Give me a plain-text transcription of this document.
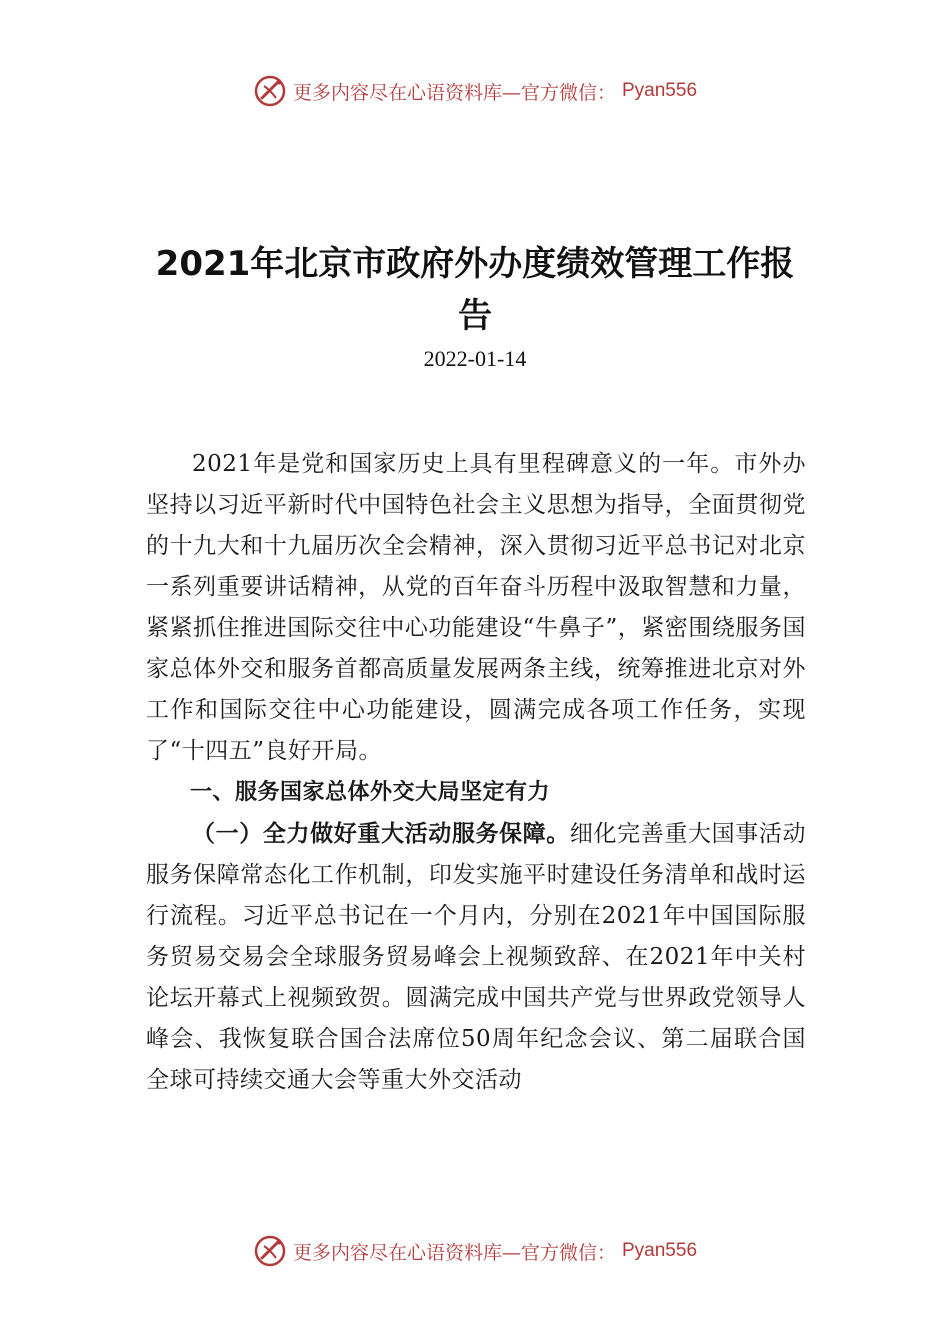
更多内容尽在心语资料库—官方微信： Pyan556
2021年北京市政府外办度绩效管理工作报告
2022-01-14

2021年是党和国家历史上具有里程碑意义的一年。市外办坚持以习近平新时代中国特色社会主义思想为指导，全面贯彻党的十九大和十九届历次全会精神，深入贯彻习近平总书记对北京一系列重要讲话精神，从党的百年奋斗历程中汲取智慧和力量，紧紧抓住推进国际交往中心功能建设“牛鼻子”，紧密围绕服务国家总体外交和服务首都高质量发展两条主线，统筹推进北京对外工作和国际交往中心功能建设，圆满完成各项工作任务，实现了“十四五”良好开局。

一、服务国家总体外交大局坚定有力

（一）全力做好重大活动服务保障。细化完善重大国事活动服务保障常态化工作机制，印发实施平时建设任务清单和战时运行流程。习近平总书记在一个月内，分别在2021年中国国际服务贸易交易会全球服务贸易峰会上视频致辞、在2021年中关村论坛开幕式上视频致贺。圆满完成中国共产党与世界政党领导人峰会、我恢复联合国合法席位50周年纪念会议、第二届联合国全球可持续交通大会等重大外交活动

更多内容尽在心语资料库—官方微信： Pyan556
